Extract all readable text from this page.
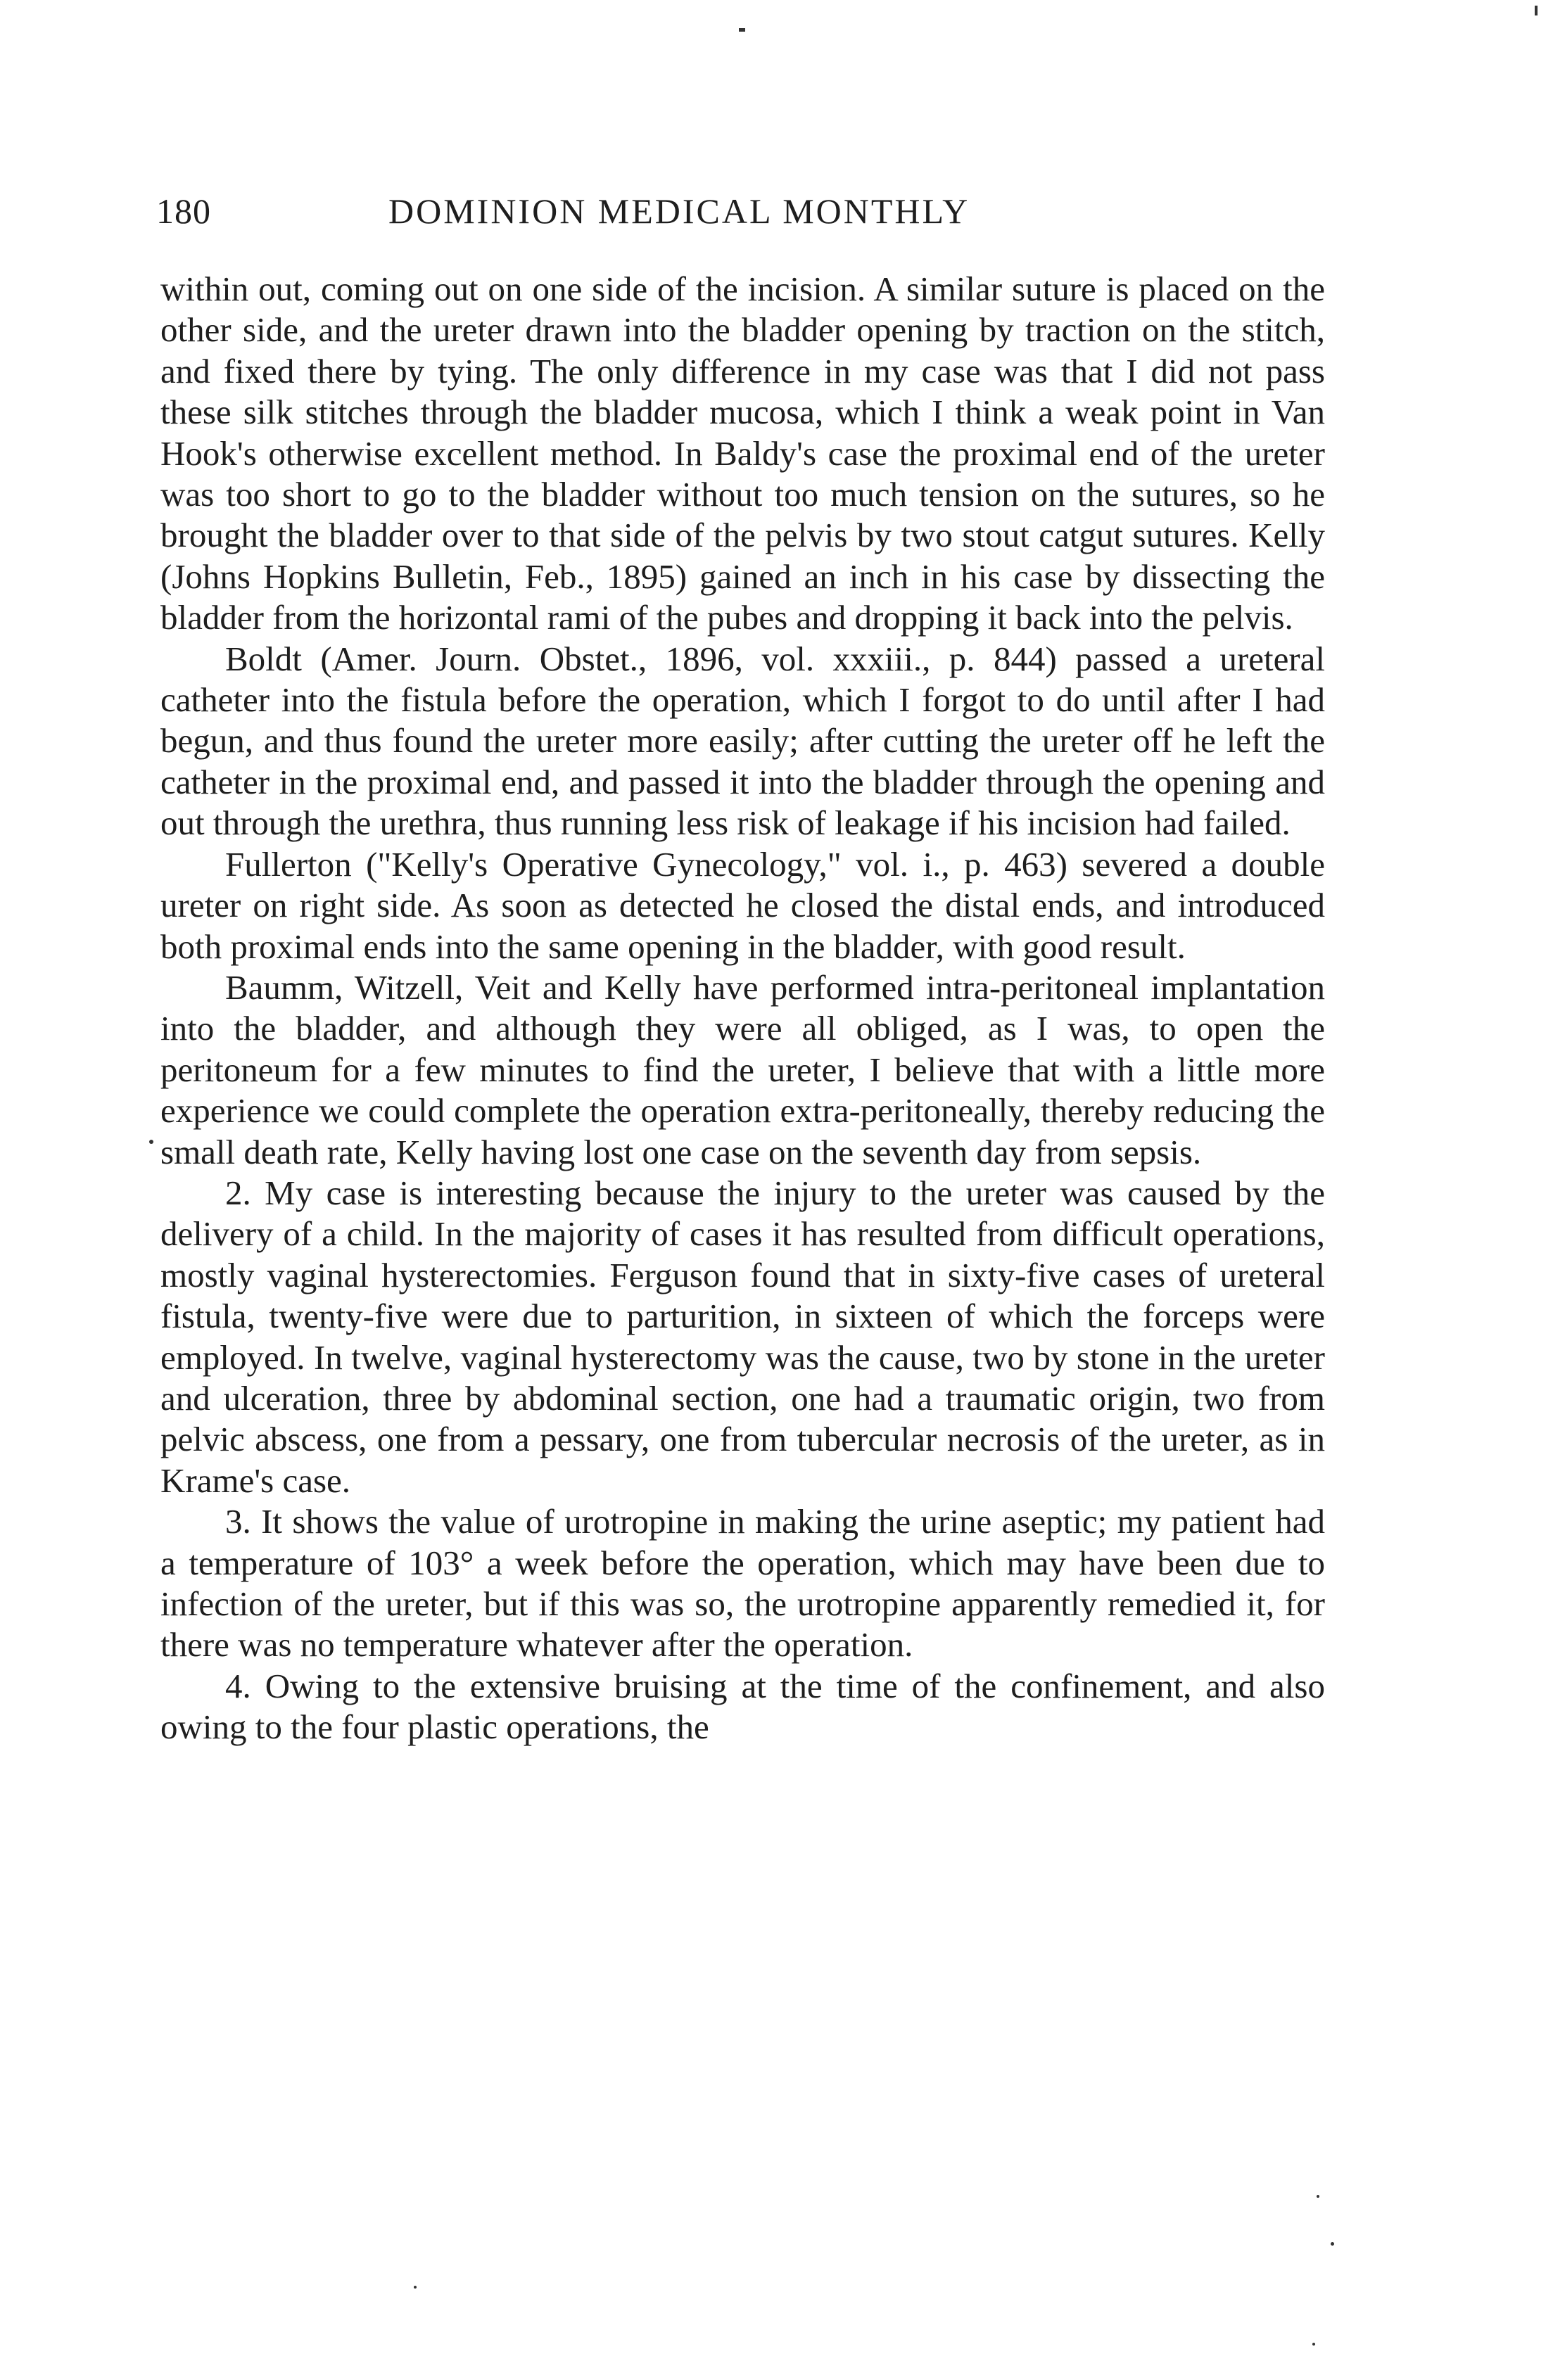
180	DOMINION MEDICAL MONTHLY

within out, coming out on one side of the incision. A similar suture is placed on the other side, and the ureter drawn into the bladder opening by traction on the stitch, and fixed there by tying. The only difference in my case was that I did not pass these silk stitches through the bladder mucosa, which I think a weak point in Van Hook's otherwise excellent method. In Baldy's case the proximal end of the ureter was too short to go to the bladder without too much tension on the sutures, so he brought the bladder over to that side of the pelvis by two stout catgut sutures. Kelly (Johns Hopkins Bulletin, Feb., 1895) gained an inch in his case by dissecting the bladder from the horizontal rami of the pubes and dropping it back into the pelvis.

Boldt (Amer. Journ. Obstet., 1896, vol. xxxiii., p. 844) passed a ureteral catheter into the fistula before the operation, which I forgot to do until after I had begun, and thus found the ureter more easily; after cutting the ureter off he left the catheter in the proximal end, and passed it into the bladder through the opening and out through the urethra, thus running less risk of leakage if his incision had failed.

Fullerton ("Kelly's Operative Gynecology," vol. i., p. 463) severed a double ureter on right side. As soon as detected he closed the distal ends, and introduced both proximal ends into the same opening in the bladder, with good result.

Baumm, Witzell, Veit and Kelly have performed intra-peritoneal implantation into the bladder, and although they were all obliged, as I was, to open the peritoneum for a few minutes to find the ureter, I believe that with a little more experience we could complete the operation extra-peritoneally, thereby reducing the small death rate, Kelly having lost one case on the seventh day from sepsis.

2. My case is interesting because the injury to the ureter was caused by the delivery of a child. In the majority of cases it has resulted from difficult operations, mostly vaginal hysterectomies. Ferguson found that in sixty-five cases of ureteral fistula, twenty-five were due to parturition, in sixteen of which the forceps were employed. In twelve, vaginal hysterectomy was the cause, two by stone in the ureter and ulceration, three by abdominal section, one had a traumatic origin, two from pelvic abscess, one from a pessary, one from tubercular necrosis of the ureter, as in Krame's case.

3. It shows the value of urotropine in making the urine aseptic; my patient had a temperature of 103° a week before the operation, which may have been due to infection of the ureter, but if this was so, the urotropine apparently remedied it, for there was no temperature whatever after the operation.

4. Owing to the extensive bruising at the time of the confinement, and also owing to the four plastic operations, the
